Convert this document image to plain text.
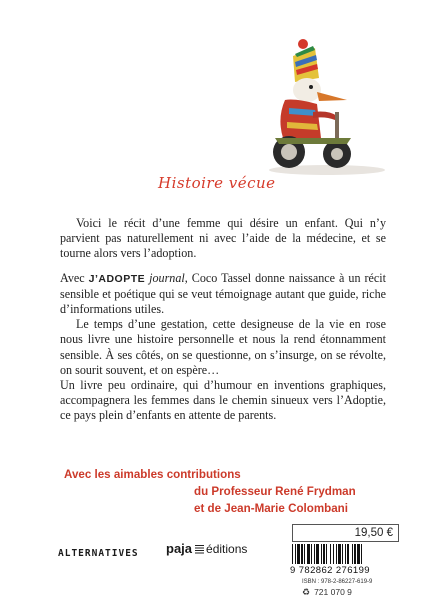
Histoire vécue

Voici le récit d’une femme qui désire un enfant. Qui n’y parvient pas naturellement ni avec l’aide de la médecine, et se tourne alors vers l’adoption.

Avec J’ADOPTE journal, Coco Tassel donne naissance à un récit sensible et poétique qui se veut témoignage autant que guide, riche d’informations utiles.

Le temps d’une gestation, cette designeuse de la vie en rose nous livre une histoire personnelle et nous la rend étonnamment sensible. À ses côtés, on se questionne, on s’insurge, on se révolte, on sourit souvent, et on espère…

Un livre peu ordinaire, qui d’humour en inventions graphiques, accompagnera les femmes dans le chemin sinueux vers l’Adoptie, ce pays plein d’enfants en attente de parents.

Avec les aimables contributions
du Professeur René Frydman
et de Jean-Marie Colombani
19,50 €
ALTERNATIVES paja éditions
9 782862 276199
ISBN : 978-2-86227-619-9
♻ 721 070 9
